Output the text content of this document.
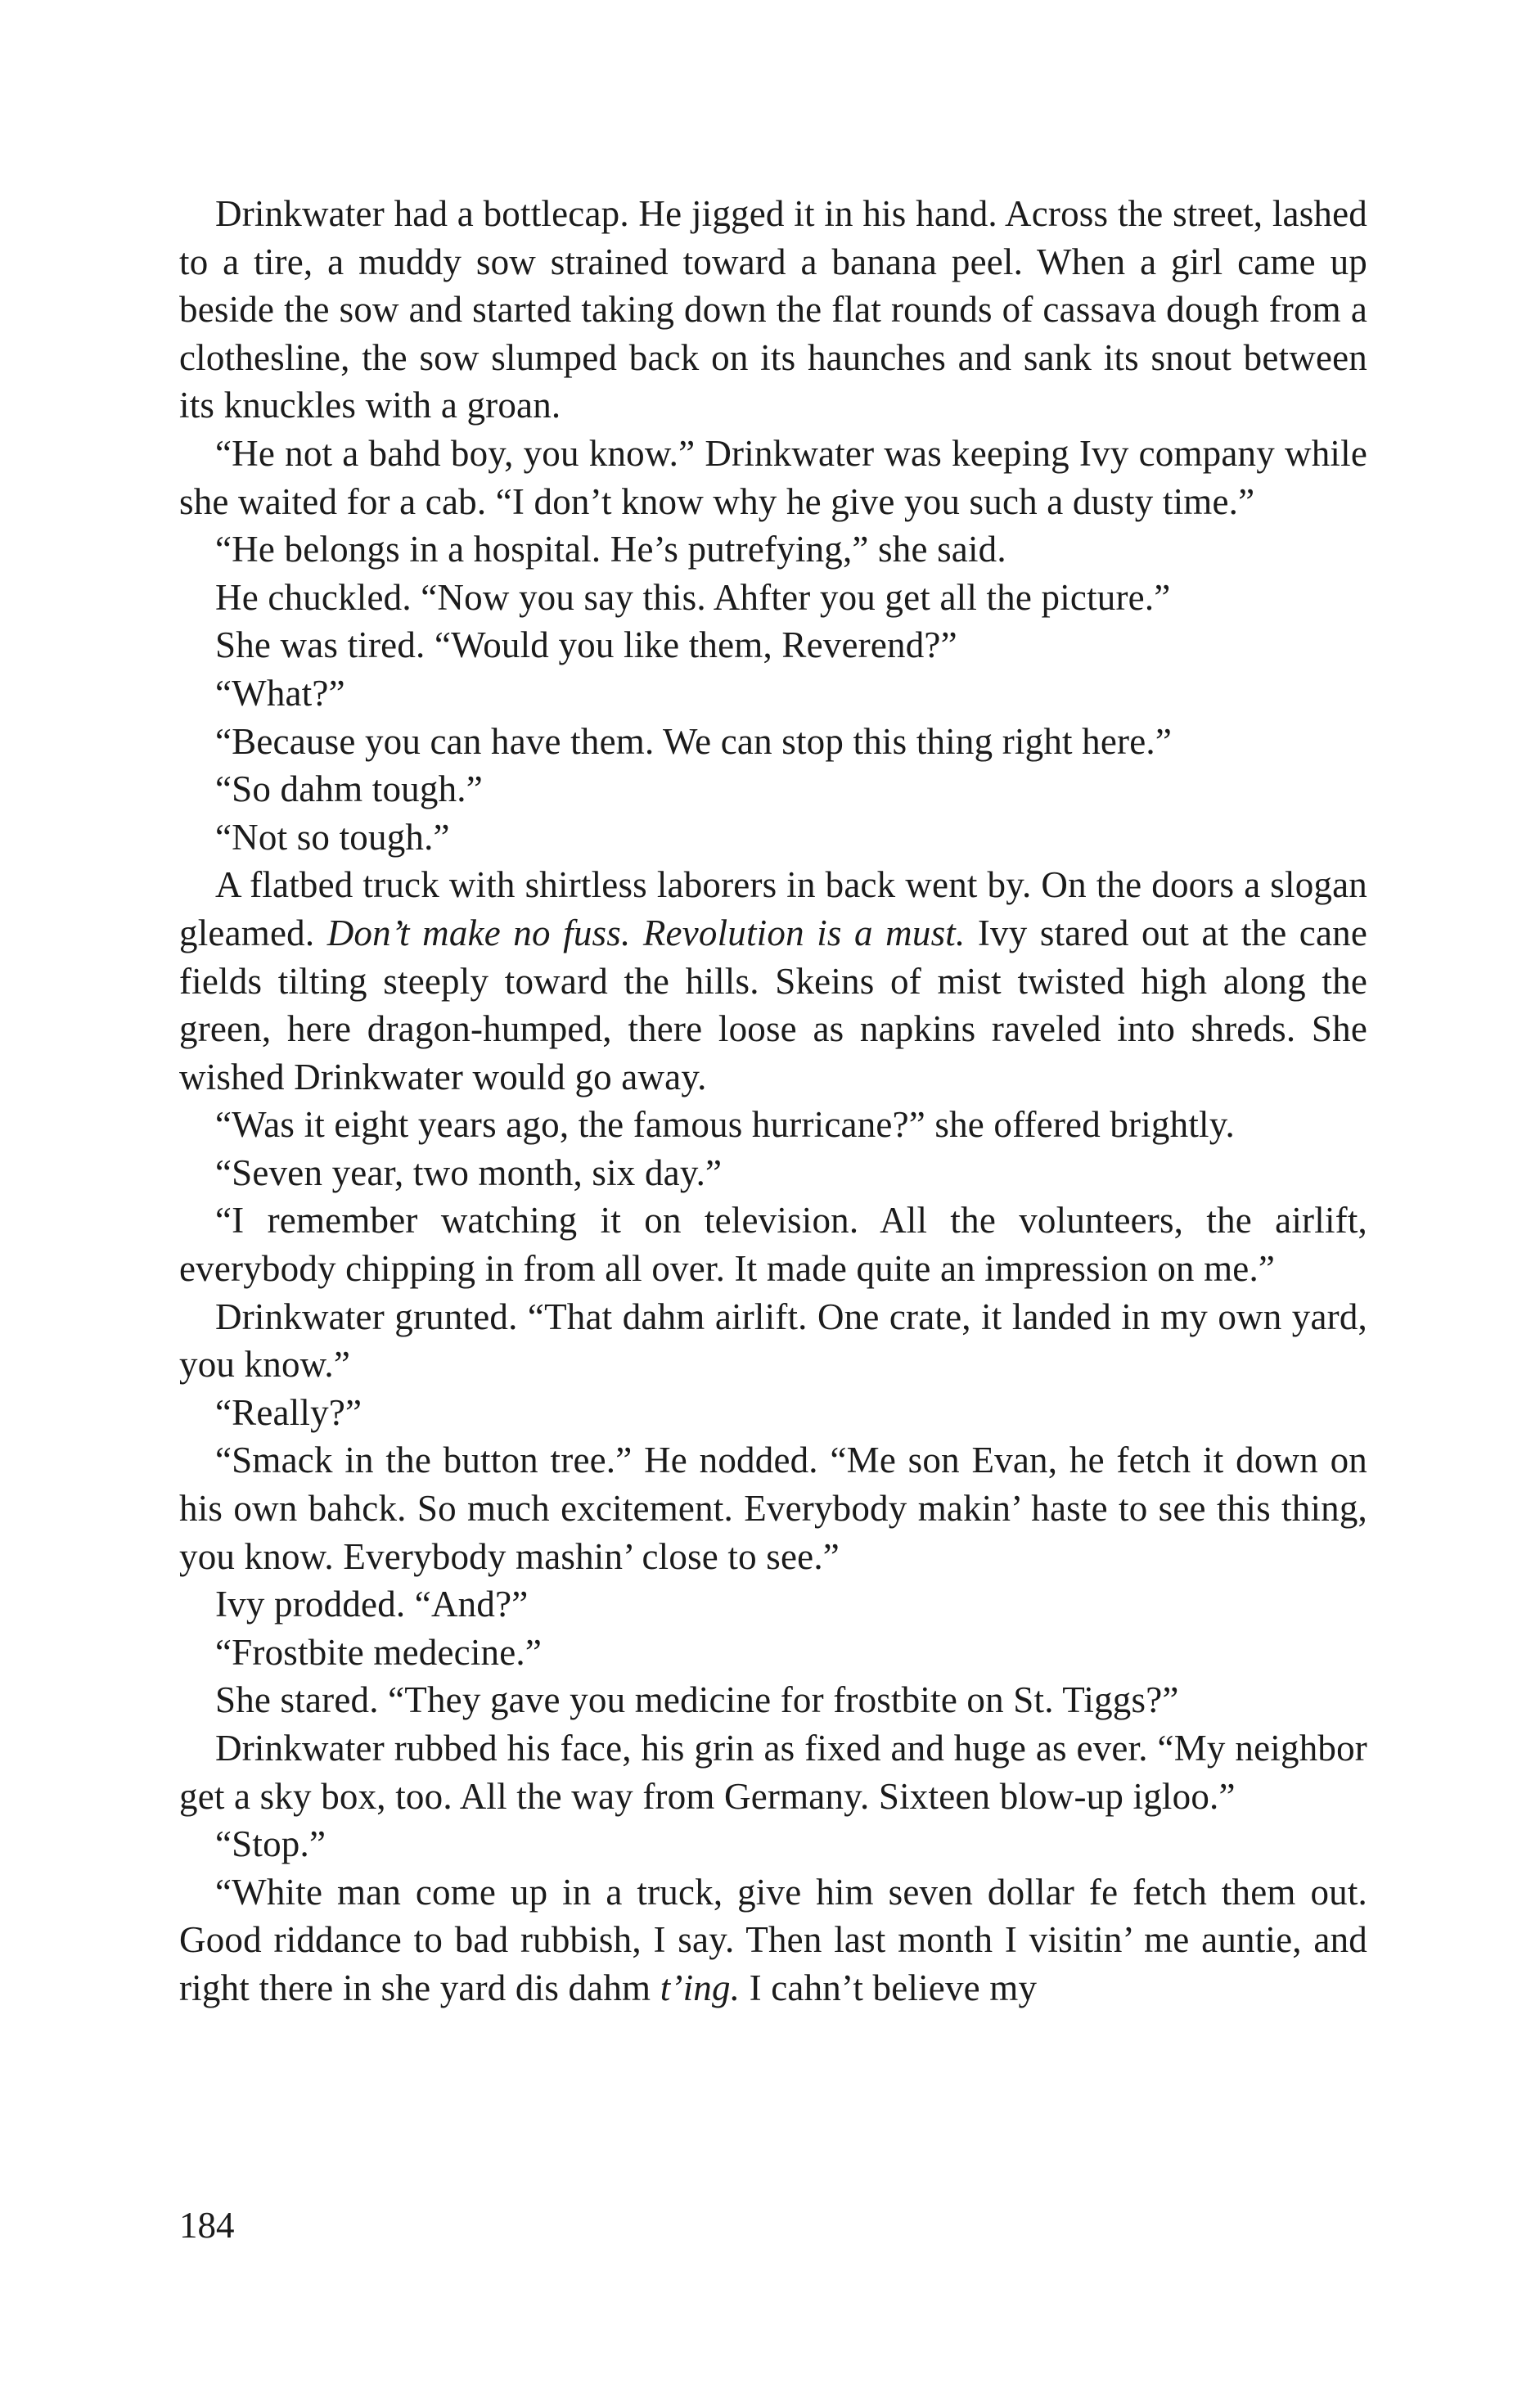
Drinkwater had a bottlecap. He jigged it in his hand. Across the street, lashed to a tire, a muddy sow strained toward a banana peel. When a girl came up beside the sow and started taking down the flat rounds of cassava dough from a clothesline, the sow slumped back on its haunches and sank its snout between its knuckles with a groan.

“He not a bahd boy, you know.” Drinkwater was keeping Ivy company while she waited for a cab. “I don’t know why he give you such a dusty time.”

“He belongs in a hospital. He’s putrefying,” she said.

He chuckled. “Now you say this. Ahfter you get all the picture.”

She was tired. “Would you like them, Reverend?”

“What?”

“Because you can have them. We can stop this thing right here.”

“So dahm tough.”

“Not so tough.”

A flatbed truck with shirtless laborers in back went by. On the doors a slogan gleamed. Don’t make no fuss. Revolution is a must. Ivy stared out at the cane fields tilting steeply toward the hills. Skeins of mist twisted high along the green, here dragon-humped, there loose as napkins raveled into shreds. She wished Drinkwater would go away.

“Was it eight years ago, the famous hurricane?” she offered brightly.

“Seven year, two month, six day.”

“I remember watching it on television. All the volunteers, the airlift, everybody chipping in from all over. It made quite an impression on me.”

Drinkwater grunted. “That dahm airlift. One crate, it landed in my own yard, you know.”

“Really?”

“Smack in the button tree.” He nodded. “Me son Evan, he fetch it down on his own bahck. So much excitement. Everybody makin’ haste to see this thing, you know. Everybody mashin’ close to see.”

Ivy prodded. “And?”

“Frostbite medecine.”

She stared. “They gave you medicine for frostbite on St. Tiggs?”

Drinkwater rubbed his face, his grin as fixed and huge as ever. “My neighbor get a sky box, too. All the way from Germany. Sixteen blow-up igloo.”

“Stop.”

“White man come up in a truck, give him seven dollar fe fetch them out. Good riddance to bad rubbish, I say. Then last month I visitin’ me auntie, and right there in she yard dis dahm t’ing. I cahn’t believe my

184
